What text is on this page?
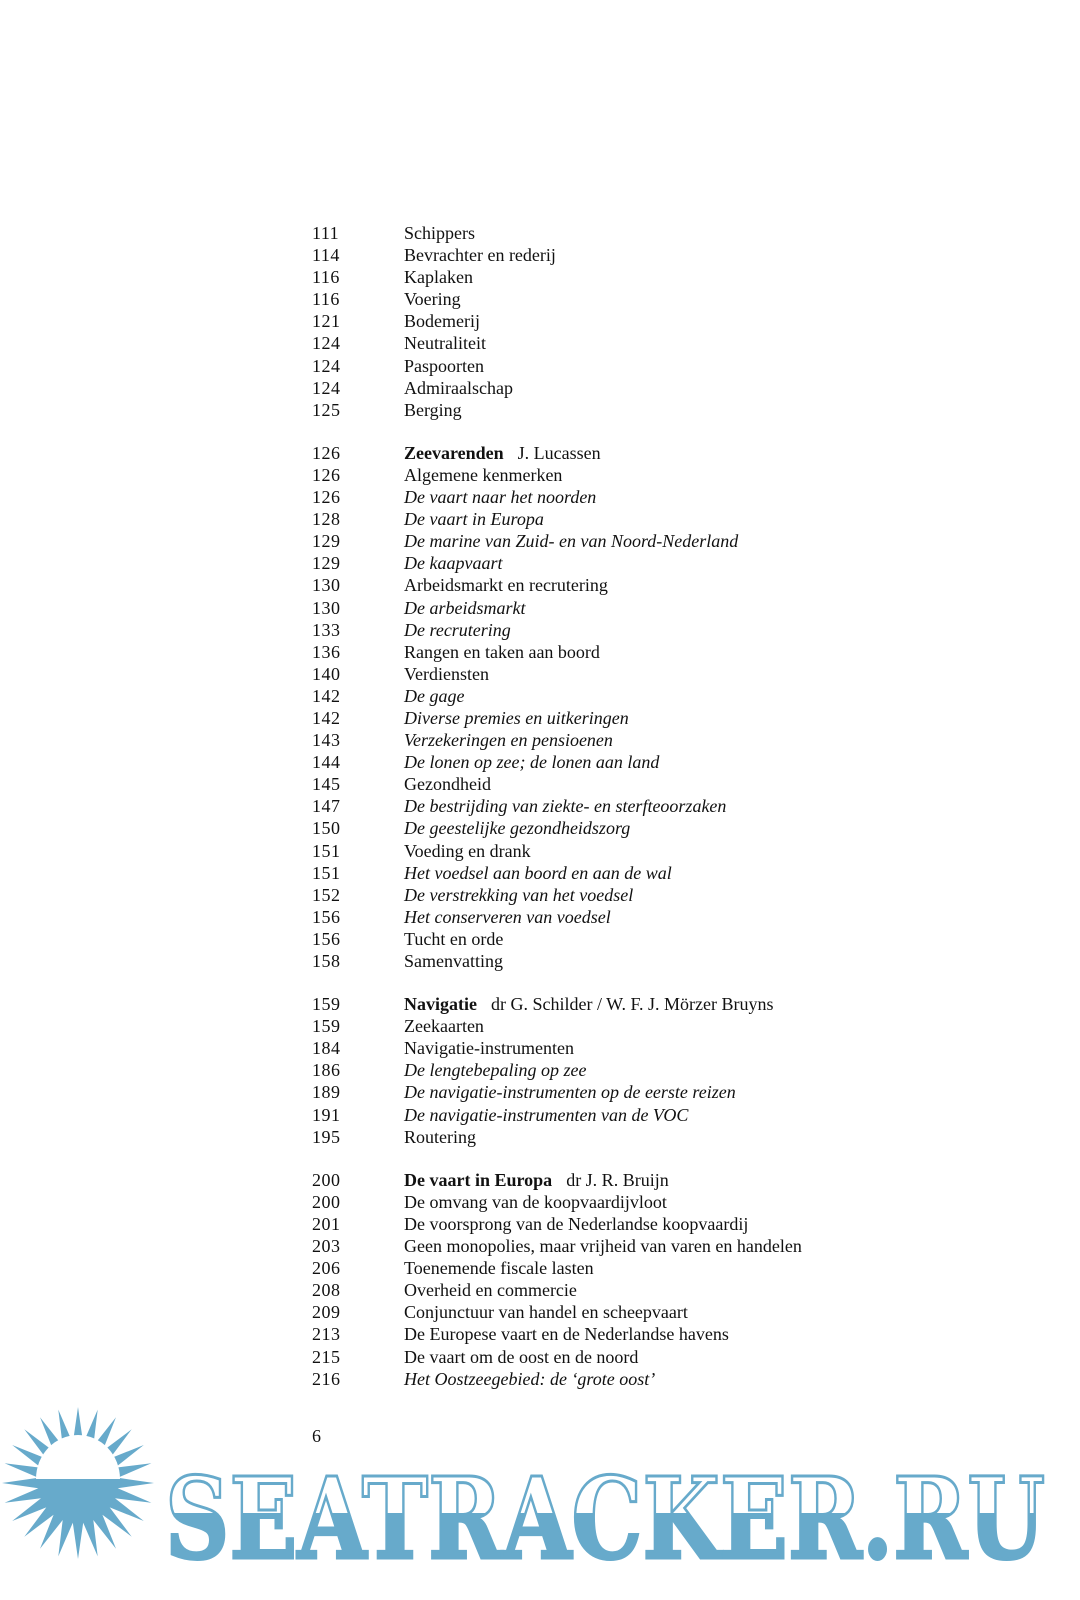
111	Schippers
114	Bevrachter en rederij
116	Kaplaken
116	Voering
121	Bodemerij
124	Neutraliteit
124	Paspoorten
124	Admiraalschap
125	Berging
126	Zeevarenden J. Lucassen
126	Algemene kenmerken
126	De vaart naar het noorden
128	De vaart in Europa
129	De marine van Zuid- en van Noord-Nederland
129	De kaapvaart
130	Arbeidsmarkt en recrutering
130	De arbeidsmarkt
133	De recrutering
136	Rangen en taken aan boord
140	Verdiensten
142	De gage
142	Diverse premies en uitkeringen
143	Verzekeringen en pensioenen
144	De lonen op zee; de lonen aan land
145	Gezondheid
147	De bestrijding van ziekte- en sterfteoorzaken
150	De geestelijke gezondheidszorg
151	Voeding en drank
151	Het voedsel aan boord en aan de wal
152	De verstrekking van het voedsel
156	Het conserveren van voedsel
156	Tucht en orde
158	Samenvatting
159	Navigatie dr G. Schilder / W. F. J. Mörzer Bruyns
159	Zeekaarten
184	Navigatie-instrumenten
186	De lengtebepaling op zee
189	De navigatie-instrumenten op de eerste reizen
191	De navigatie-instrumenten van de VOC
195	Routering
200	De vaart in Europa dr J. R. Bruijn
200	De omvang van de koopvaardijvloot
201	De voorsprong van de Nederlandse koopvaardij
203	Geen monopolies, maar vrijheid van varen en handelen
206	Toenemende fiscale lasten
208	Overheid en commercie
209	Conjunctuur van handel en scheepvaart
213	De Europese vaart en de Nederlandse havens
215	De vaart om de oost en de noord
216	Het Oostzeegebied: de ‘grote oost’
6
SEATRACKER.RU
